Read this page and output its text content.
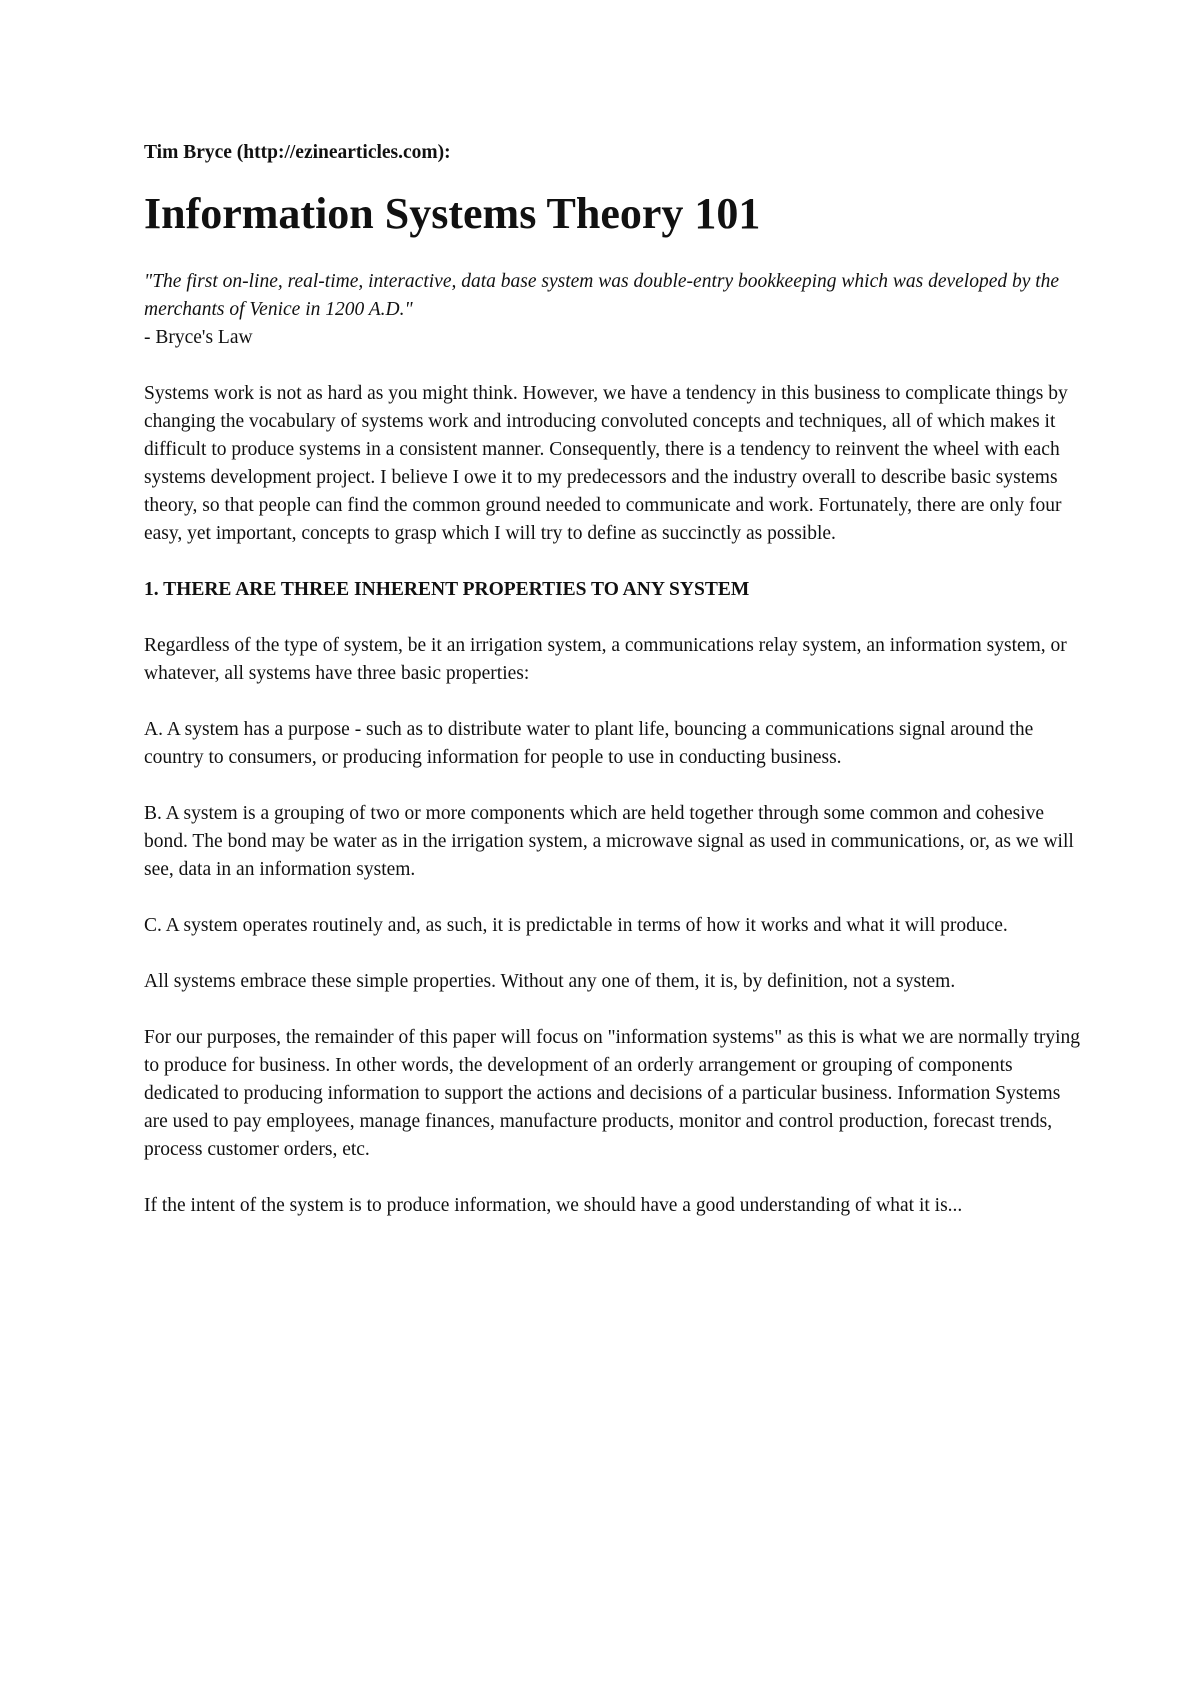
Tim Bryce (http://ezinearticles.com):

Information Systems Theory 101
"The first on-line, real-time, interactive, data base system was double-entry bookkeeping which was developed by the merchants of Venice in 1200 A.D."
- Bryce's Law

Systems work is not as hard as you might think. However, we have a tendency in this business to complicate things by changing the vocabulary of systems work and introducing convoluted concepts and techniques, all of which makes it difficult to produce systems in a consistent manner. Consequently, there is a tendency to reinvent the wheel with each systems development project. I believe I owe it to my predecessors and the industry overall to describe basic systems theory, so that people can find the common ground needed to communicate and work. Fortunately, there are only four easy, yet important, concepts to grasp which I will try to define as succinctly as possible.

1. THERE ARE THREE INHERENT PROPERTIES TO ANY SYSTEM

Regardless of the type of system, be it an irrigation system, a communications relay system, an information system, or whatever, all systems have three basic properties:

A. A system has a purpose - such as to distribute water to plant life, bouncing a communications signal around the country to consumers, or producing information for people to use in conducting business.

B. A system is a grouping of two or more components which are held together through some common and cohesive bond. The bond may be water as in the irrigation system, a microwave signal as used in communications, or, as we will see, data in an information system.

C. A system operates routinely and, as such, it is predictable in terms of how it works and what it will produce.

All systems embrace these simple properties. Without any one of them, it is, by definition, not a system.

For our purposes, the remainder of this paper will focus on "information systems" as this is what we are normally trying to produce for business. In other words, the development of an orderly arrangement or grouping of components dedicated to producing information to support the actions and decisions of a particular business. Information Systems are used to pay employees, manage finances, manufacture products, monitor and control production, forecast trends, process customer orders, etc.

If the intent of the system is to produce information, we should have a good understanding of what it is...
